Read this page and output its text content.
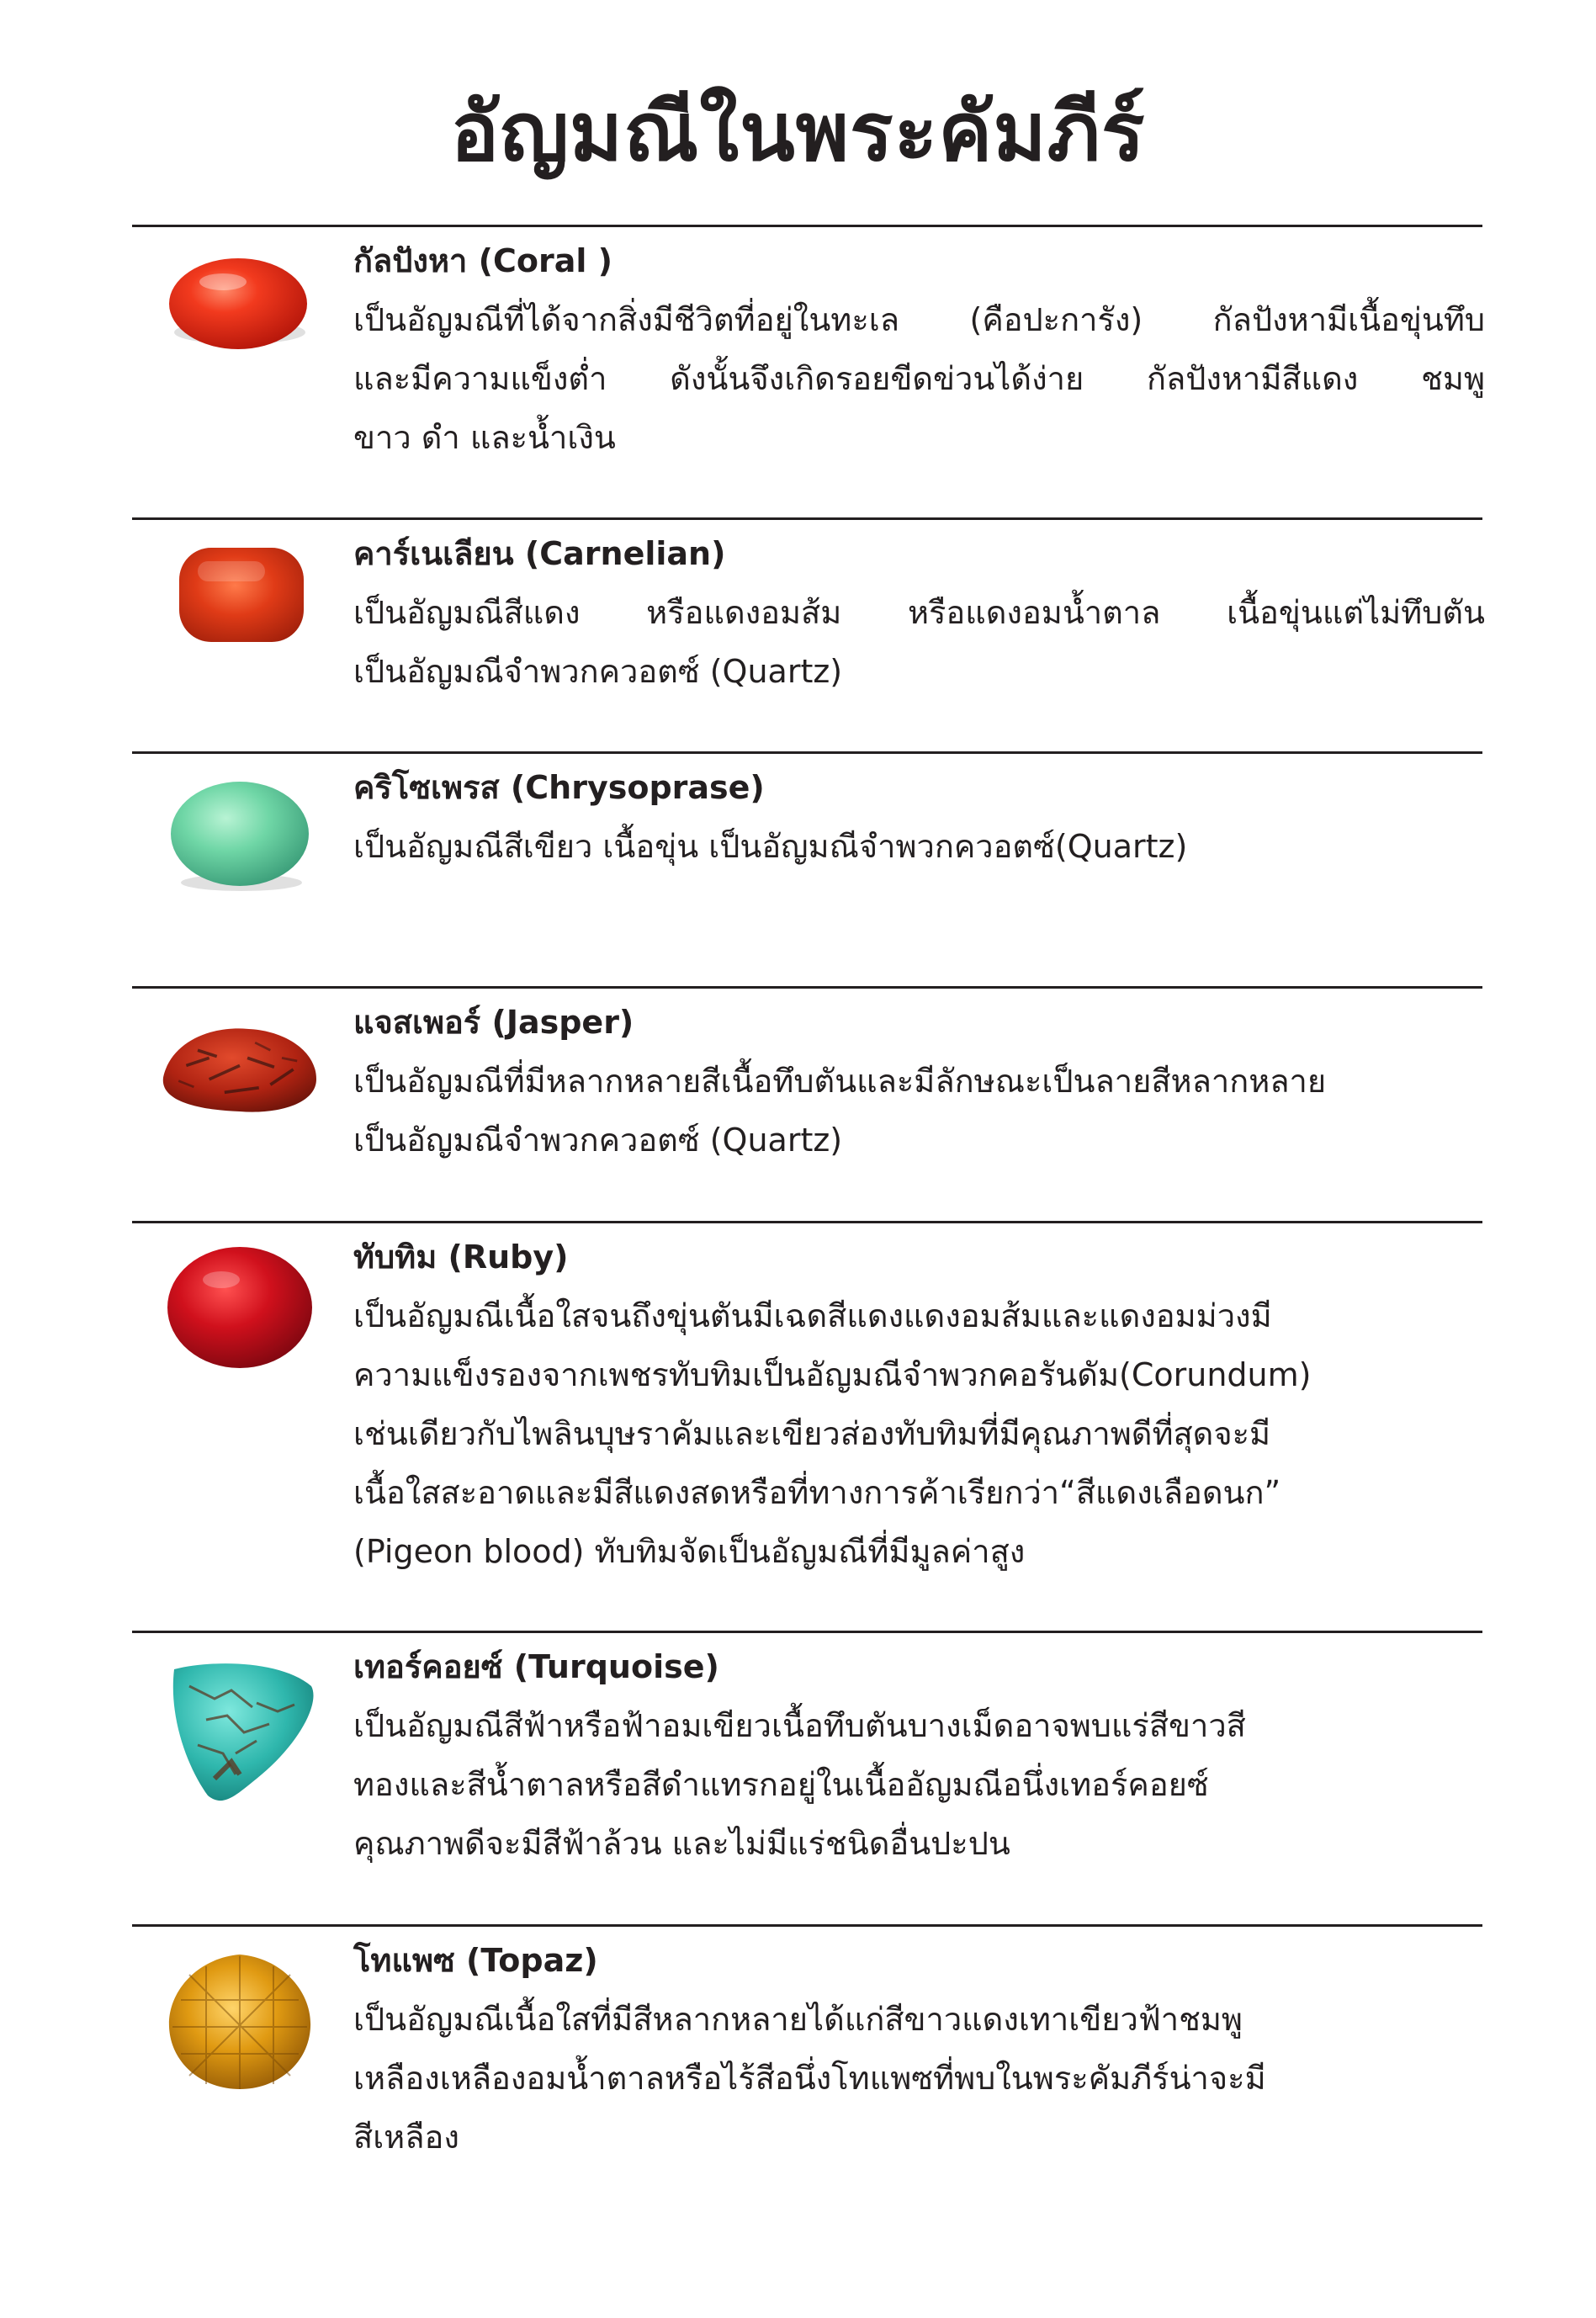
อัญมณีในพระคัมภีร์
กัลปังหา (Coral )
เป็นอัญมณีที่ได้จากสิ่งมีชีวิตที่อยู่ในทะเล (คือปะการัง) กัลปังหามีเนื้อขุ่นทึบ
และมีความแข็งต่ำ ดังนั้นจึงเกิดรอยขีดข่วนได้ง่าย กัลปังหามีสีแดง ชมพู
ขาว ดำ และน้ำเงิน
คาร์เนเลียน (Carnelian)
เป็นอัญมณีสีแดง หรือแดงอมส้ม หรือแดงอมน้ำตาล เนื้อขุ่นแต่ไม่ทึบตัน
เป็นอัญมณีจำพวกควอตซ์ (Quartz)
คริโซเพรส (Chrysoprase)
เป็นอัญมณีสีเขียว เนื้อขุ่น เป็นอัญมณีจำพวกควอตซ์(Quartz)
แจสเพอร์ (Jasper)
เป็นอัญมณีที่มีหลากหลายสีเนื้อทึบตันและมีลักษณะเป็นลายสีหลากหลาย
เป็นอัญมณีจำพวกควอตซ์ (Quartz)
ทับทิม (Ruby)
เป็นอัญมณีเนื้อใสจนถึงขุ่นตันมีเฉดสีแดงแดงอมส้มและแดงอมม่วงมี
ความแข็งรองจากเพชรทับทิมเป็นอัญมณีจำพวกคอรันดัม(Corundum)
เช่นเดียวกับไพลินบุษราคัมและเขียวส่องทับทิมที่มีคุณภาพดีที่สุดจะมี
เนื้อใสสะอาดและมีสีแดงสดหรือที่ทางการค้าเรียกว่า“สีแดงเลือดนก”
(Pigeon blood) ทับทิมจัดเป็นอัญมณีที่มีมูลค่าสูง
เทอร์คอยซ์ (Turquoise)
เป็นอัญมณีสีฟ้าหรือฟ้าอมเขียวเนื้อทึบตันบางเม็ดอาจพบแร่สีขาวสี
ทองและสีน้ำตาลหรือสีดำแทรกอยู่ในเนื้ออัญมณีอนึ่งเทอร์คอยซ์
คุณภาพดีจะมีสีฟ้าล้วน และไม่มีแร่ชนิดอื่นปะปน
โทแพซ (Topaz)
เป็นอัญมณีเนื้อใสที่มีสีหลากหลายได้แก่สีขาวแดงเทาเขียวฟ้าชมพู
เหลืองเหลืองอมน้ำตาลหรือไร้สีอนึ่งโทแพซที่พบในพระคัมภีร์น่าจะมี
สีเหลือง
